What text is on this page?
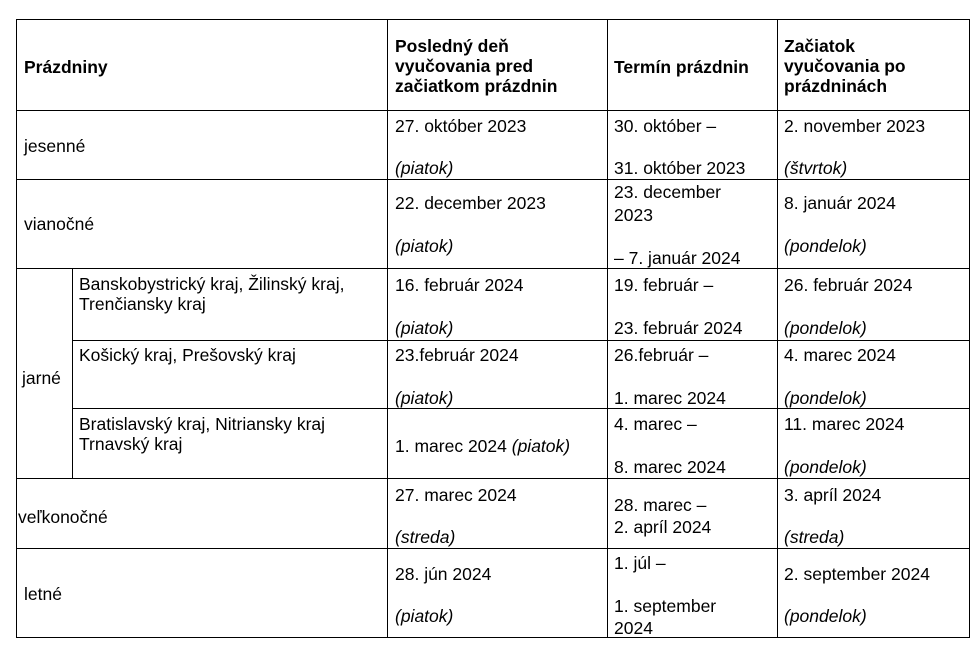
Prázdniny
Posledný deň
vyučovania pred
začiatkom prázdnin
Termín prázdnin
Začiatok
vyučovania po
prázdninách
jesenné
27. október 2023
(piatok)
30. október –
31. október 2023
2. november 2023
(štvrtok)
vianočné
22. december 2023
(piatok)
23. december
2023
– 7. január 2024
8. január 2024
(pondelok)
jarné
Banskobystrický kraj, Žilinský kraj,
Trenčiansky kraj
16. február 2024
(piatok)
19. február –
23. február 2024
26. február 2024
(pondelok)
Košický kraj, Prešovský kraj	23.február 2024
(piatok)
26.február –
1. marec 2024
4. marec 2024
(pondelok)
Bratislavský kraj, Nitriansky kraj
Trnavský kraj	1. marec 2024 (piatok)
4. marec –
8. marec 2024
11. marec 2024
(pondelok)
veľkonočné
27. marec 2024
(streda)
28. marec –
2. apríl 2024
3. apríl 2024
(streda)
letné
28. jún 2024
(piatok)
1. júl –
1. september
2024
2. september 2024
(pondelok)
